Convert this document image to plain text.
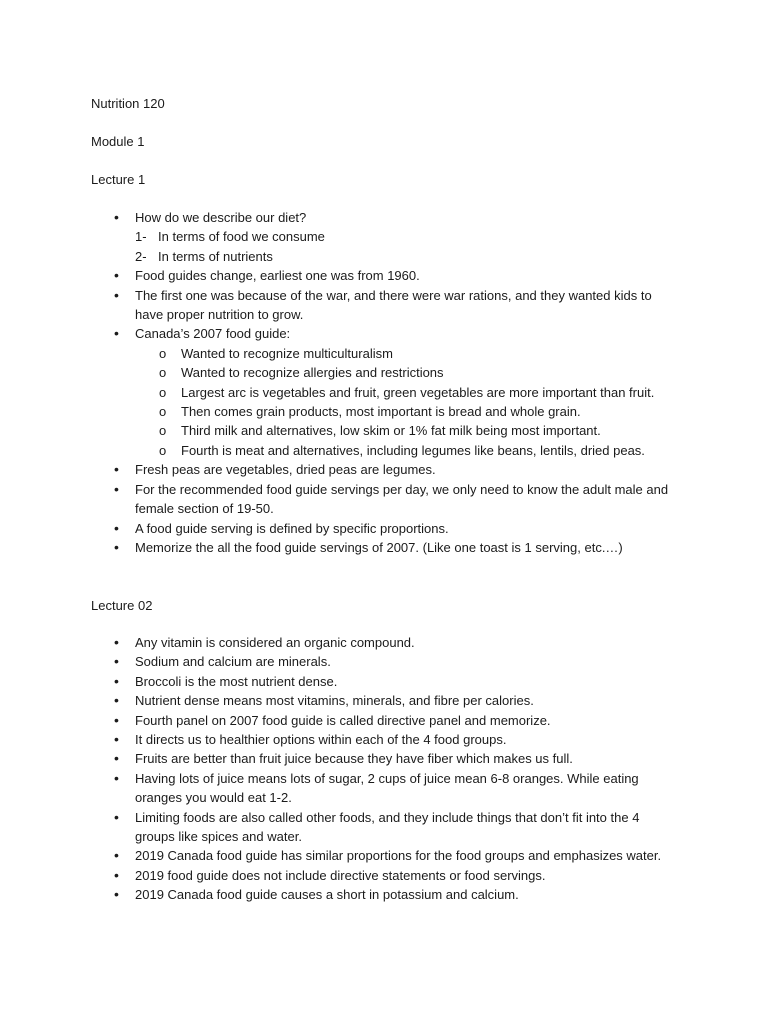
Nutrition 120

Module 1

Lecture 1

• How do we describe our diet?
1- In terms of food we consume
2- In terms of nutrients
• Food guides change, earliest one was from 1960.
• The first one was because of the war, and there were war rations, and they wanted kids to have proper nutrition to grow.
• Canada’s 2007 food guide:
o Wanted to recognize multiculturalism
o Wanted to recognize allergies and restrictions
o Largest arc is vegetables and fruit, green vegetables are more important than fruit.
o Then comes grain products, most important is bread and whole grain.
o Third milk and alternatives, low skim or 1% fat milk being most important.
o Fourth is meat and alternatives, including legumes like beans, lentils, dried peas.
• Fresh peas are vegetables, dried peas are legumes.
• For the recommended food guide servings per day, we only need to know the adult male and female section of 19-50.
• A food guide serving is defined by specific proportions.
• Memorize the all the food guide servings of 2007. (Like one toast is 1 serving, etc.…)

Lecture 02

• Any vitamin is considered an organic compound.
• Sodium and calcium are minerals.
• Broccoli is the most nutrient dense.
• Nutrient dense means most vitamins, minerals, and fibre per calories.
• Fourth panel on 2007 food guide is called directive panel and memorize.
• It directs us to healthier options within each of the 4 food groups.
• Fruits are better than fruit juice because they have fiber which makes us full.
• Having lots of juice means lots of sugar, 2 cups of juice mean 6-8 oranges. While eating oranges you would eat 1-2.
• Limiting foods are also called other foods, and they include things that don’t fit into the 4 groups like spices and water.
• 2019 Canada food guide has similar proportions for the food groups and emphasizes water.
• 2019 food guide does not include directive statements or food servings.
• 2019 Canada food guide causes a short in potassium and calcium.
